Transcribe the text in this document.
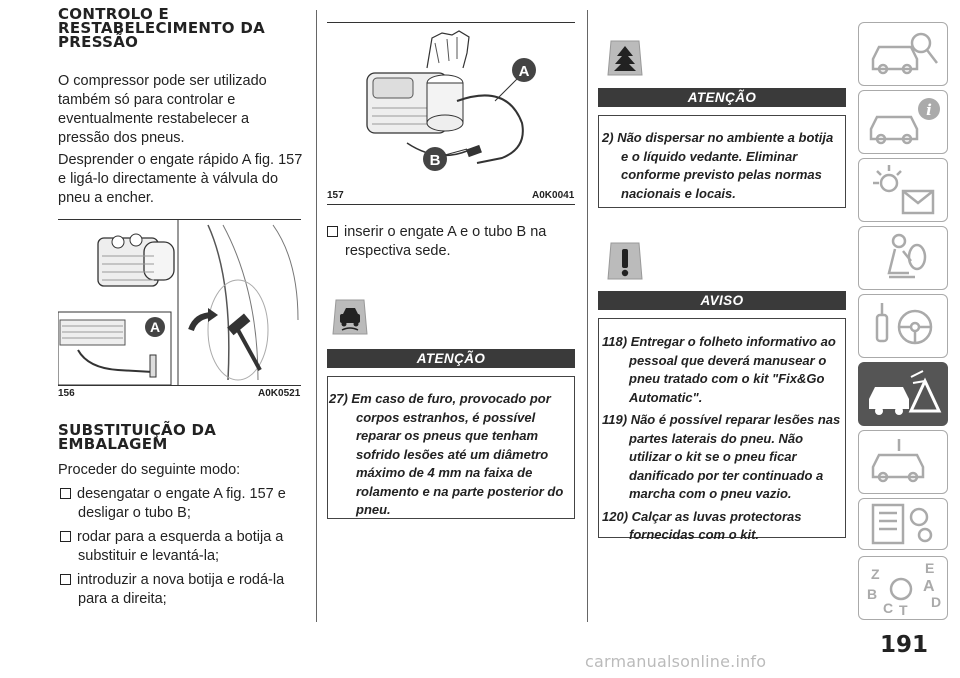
CONTROLO E
RESTABELECIMENTO DA
PRESSÃO

O compressor pode ser utilizado também só para controlar e eventualmente restabelecer a pressão dos pneus.

Desprender o engate rápido A fig. 157 e ligá-lo directamente à válvula do pneu a encher.

A
156	A0K0521
SUBSTITUIÇÃO DA
EMBALAGEM

Proceder do seguinte modo:

desengatar o engate A fig. 157 e desligar o tubo B;

rodar para a esquerda a botija a substituir e levantá-la;

introduzir a nova botija e rodá-la para a direita;

A
B
157	A0K0041

inserir o engate A e o tubo B na respectiva sede.

ATENÇÃO

27) Em caso de furo, provocado por corpos estranhos, é possível reparar os pneus que tenham sofrido lesões até um diâmetro máximo de 4 mm na faixa de rolamento e na parte posterior do pneu.

ATENÇÃO

2) Não dispersar no ambiente a botija e o líquido vedante. Eliminar conforme previsto pelas normas nacionais e locais.

AVISO

118) Entregar o folheto informativo ao pessoal que deverá manusear o pneu tratado com o kit "Fix&Go Automatic".

119) Não é possível reparar lesões nas partes laterais do pneu. Não utilizar o kit se o pneu ficar danificado por ter continuado a marcha com o pneu vazio.

120) Calçar as luvas protectoras fornecidas com o kit.

i
Z	E
A
B
C	D
T
191
carmanualsonline.info
